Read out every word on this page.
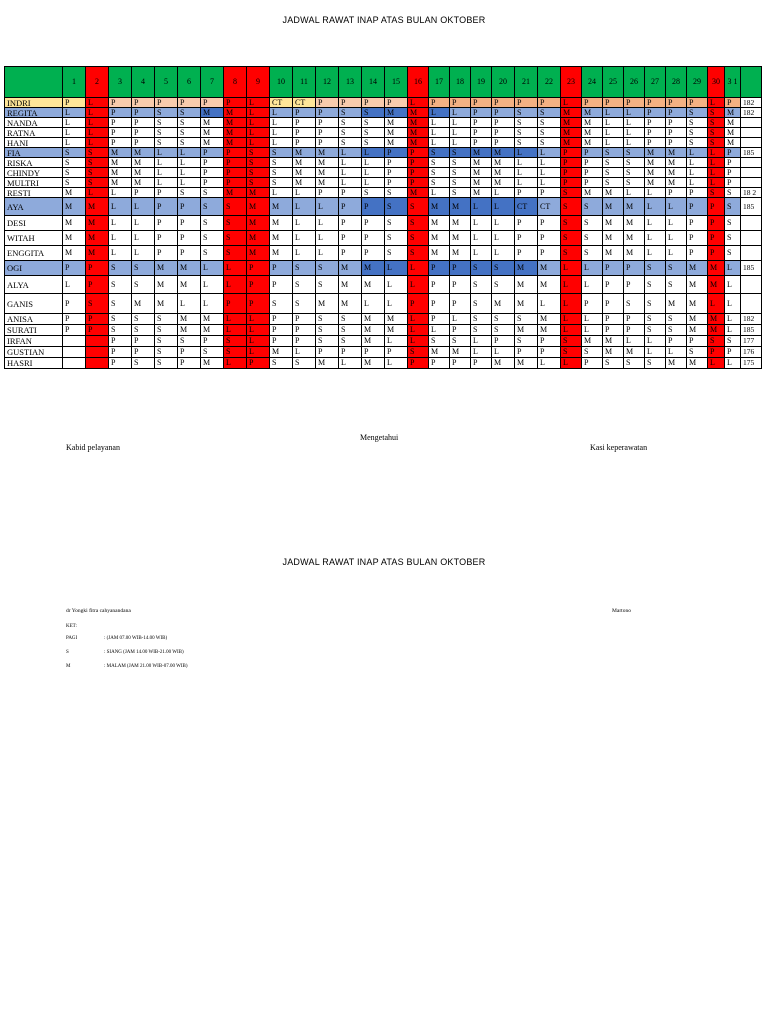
JADWAL RAWAT INAP ATAS BULAN OKTOBER
	1	2	3	4	5	6	7	8	9	10	11	12	13	14	15	16	17	18	19	20	21	22	23	24	25	26	27	28	29	30	3 1	
INDRI	P	L	P	P	P	P	P	P	L	CT	CT	P	P	P	P	L	P	P	P	P	P	P	L	P	P	P	P	P	P	L	P	182
REGITA	L	L	P	P	S	S	M	M	L	L	P	P	S	S	M	M	L	L	P	P	S	S	M	M	L	L	P	P	S	S	M	182
NANDA	L	L	P	P	S	S	M	M	L	L	P	P	S	S	M	M	L	L	P	P	S	S	M	M	L	L	P	P	S	S	M	
RATNA	L	L	P	P	S	S	M	M	L	L	P	P	S	S	M	M	L	L	P	P	S	S	M	M	L	L	P	P	S	S	M	
HANI	L	L	P	P	S	S	M	M	L	L	P	P	S	S	M	M	L	L	P	P	S	S	M	M	L	L	P	P	S	S	M	
FIA	S	S	M	M	L	L	P	P	S	S	M	M	L	L	P	P	S	S	M	M	L	L	P	P	S	S	M	M	L	L	P	185
RISKA	S	S	M	M	L	L	P	P	S	S	M	M	L	L	P	P	S	S	M	M	L	L	P	P	S	S	M	M	L	L	P	
CHINDY	S	S	M	M	L	L	P	P	S	S	M	M	L	L	P	P	S	S	M	M	L	L	P	P	S	S	M	M	L	L	P	
MULTRI	S	S	M	M	L	L	P	P	S	S	M	M	L	L	P	P	S	S	M	M	L	L	P	P	S	S	M	M	L	L	P	
RESTI	M	L	L	P	P	S	S	M	M	L	L	P	P	S	S	M	L	S	M	L	P	P	S	M	M	L	L	P	P	S	S	18 2
AYA	M	M	L	L	P	P	S	S	M	M	L	L	P	P	S	S	M	M	L	L	CT	CT	S	S	M	M	L	L	P	P	S	185
DESI	M	M	L	L	P	P	S	S	M	M	L	L	P	P	S	S	M	M	L	L	P	P	S	S	M	M	L	L	P	P	S	
WITAH	M	M	L	L	P	P	S	S	M	M	L	L	P	P	S	S	M	M	L	L	P	P	S	S	M	M	L	L	P	P	S	
ENGGITA	M	M	L	L	P	P	S	S	M	M	L	L	P	P	S	S	M	M	L	L	P	P	S	S	M	M	L	L	P	P	S	
OGI	P	P	S	S	M	M	L	L	P	P	S	S	M	M	L	L	P	P	S	S	M	M	L	L	P	P	S	S	M	M	L	185
ALYA	L	P	S	S	M	M	L	L	P	P	S	S	M	M	L	L	P	P	S	S	M	M	L	L	P	P	S	S	M	M	L	
GANIS	P	S	S	M	M	L	L	P	P	S	S	M	M	L	L	P	P	P	S	M	M	L	L	P	P	S	S	M	M	L	L	
ANISA	P	P	S	S	S	M	M	L	L	P	P	S	S	M	M	L	P	L	S	S	S	M	L	L	P	P	S	S	M	M	L	182
SURATI	P	P	S	S	S	M	M	L	L	P	P	S	S	M	M	L	L	P	S	S	M	M	L	L	P	P	S	S	M	M	L	185
IRFAN			P	P	S	S	P	S	L	P	P	S	S	M	L	L	S	S	L	P	S	P	S	M	M	L	L	P	P	S	S	177
GUSTIAN			P	P	S	P	S	S	L	M	L	P	P	P	P	S	M	M	L	L	P	P	S	S	M	M	L	L	S	P	P	176
HASRI			P	S	S	P	M	L	P	S	S	M	L	M	L	P	P	P	P	M	M	L	L	P	S	S	S	M	M	L	L	175
Mengetahui
Kabid pelayanan	Kasi keperawatan
JADWAL RAWAT INAP ATAS BULAN OKTOBER
dr Yongki fitra cahyanandana	Martono
KET:
PAGI	: (JAM 07.00 WIB-14.00 WIB)
S	: SIANG (JAM 14.00 WIB-21.00 WIB)
M	: MALAM (JAM 21.00 WIB-07.00 WIB)
